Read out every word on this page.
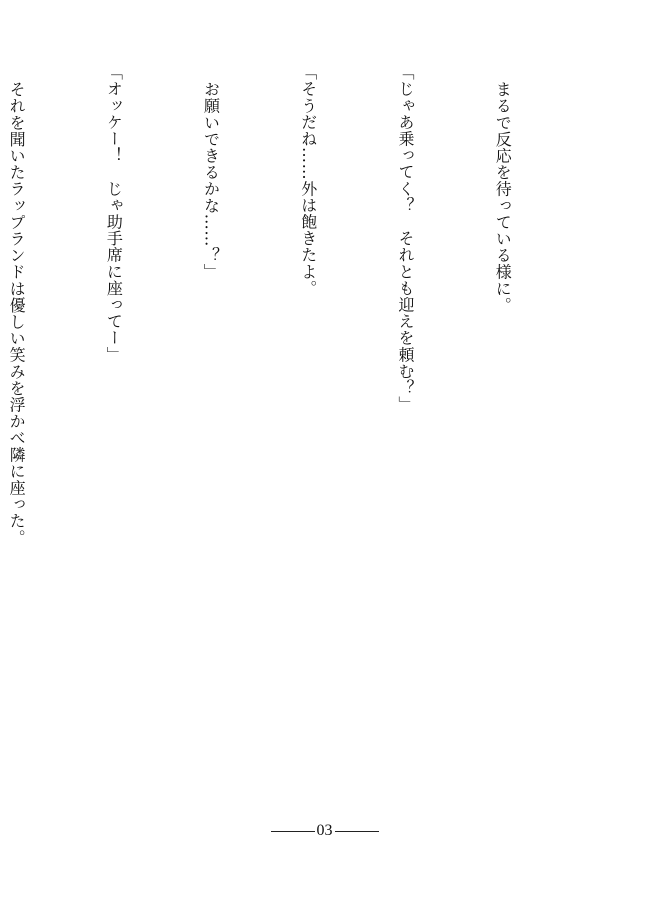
まるで反応を待っている様に。

「じゃあ乗ってく？　それとも迎えを頼む？」

「そうだね……外は飽きたよ。

お願いできるかな……？」

「オッケー！　じゃ助手席に座ってー」

それを聞いたラップランドは優しい笑みを浮かべ隣に座った。

03
